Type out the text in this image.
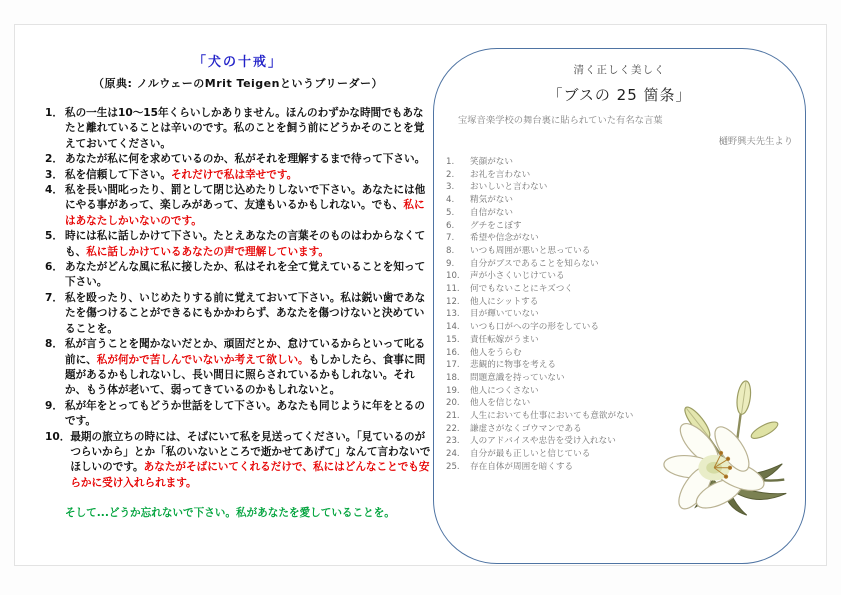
「犬の十戒」
（原典: ノルウェーのMrit Teigenというブリーダー）
1． 私の一生は10～15年くらいしかありません。ほんのわずかな時間でもあなたと離れていることは辛いのです。私のことを飼う前にどうかそのことを覚えておいてください。
2． あなたが私に何を求めているのか、私がそれを理解するまで待って下さい。
3． 私を信頼して下さい。それだけで私は幸せです。
4． 私を長い間叱ったり、罰として閉じ込めたりしないで下さい。あなたには他にやる事があって、楽しみがあって、友達もいるかもしれない。でも、私にはあなたしかいないのです。
5． 時には私に話しかけて下さい。たとえあなたの言葉そのものはわからなくても、私に話しかけているあなたの声で理解しています。
6． あなたがどんな風に私に接したか、私はそれを全て覚えていることを知って下さい。
7． 私を殴ったり、いじめたりする前に覚えておいて下さい。私は鋭い歯であなたを傷つけることができるにもかかわらず、あなたを傷つけないと決めていることを。
8． 私が言うことを聞かないだとか、頑固だとか、怠けているからといって叱る前に、私が何かで苦しんでいないか考えて欲しい。もしかしたら、食事に問題があるかもしれないし、長い間日に照らされているかもしれない。それか、もう体が老いて、弱ってきているのかもしれないと。
9． 私が年をとってもどうか世話をして下さい。あなたも同じように年をとるのです。
10． 最期の旅立ちの時には、そばにいて私を見送ってください。「見ているのがつらいから」とか「私のいないところで逝かせてあげて」なんて言わないでほしいのです。あなたがそばにいてくれるだけで、私にはどんなことでも安らかに受け入れられます。
そして...どうか忘れないで下さい。私があなたを愛していることを。
清く正しく美しく
「ブスの 25 箇条」
宝塚音楽学校の舞台裏に貼られていた有名な言葉
樋野興夫先生より
1.	笑顔がない
2.	お礼を言わない
3.	おいしいと言わない
4.	精気がない
5.	自信がない
6.	グチをこぼす
7.	希望や信念がない
8.	いつも周囲が悪いと思っている
9.	自分がブスであることを知らない
10.	声が小さくいじけている
11.	何でもないことにキズつく
12.	他人にシットする
13.	目が輝いていない
14.	いつも口がへの字の形をしている
15.	責任転嫁がうまい
16.	他人をうらむ
17.	悲観的に物事を考える
18.	問題意識を持っていない
19.	他人につくさない
20.	他人を信じない
21.	人生においても仕事においても意欲がない
22.	謙虚さがなくゴウマンである
23.	人のアドバイスや忠告を受け入れない
24.	自分が最も正しいと信じている
25.	存在自体が周囲を暗くする
